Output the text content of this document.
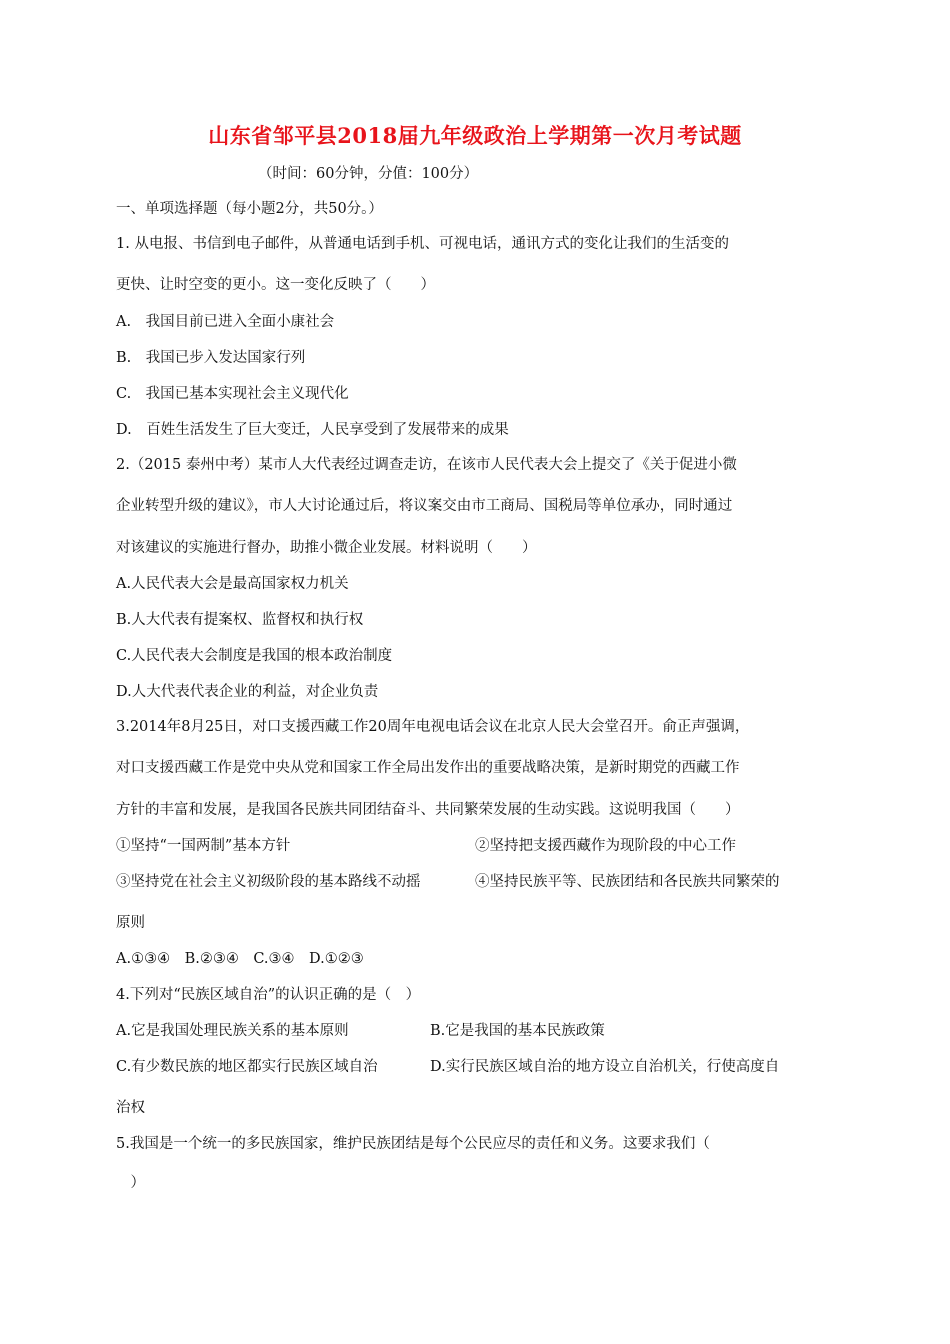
山东省邹平县2018届九年级政治上学期第一次月考试题
（时间：60分钟，分值：100分）
一、单项选择题（每小题2分，共50分。）
1. 从电报、书信到电子邮件，从普通电话到手机、可视电话，通讯方式的变化让我们的生活变的
更快、让时空变的更小。这一变化反映了（　　）
A.　我国目前已进入全面小康社会
B.　我国已步入发达国家行列
C.　我国已基本实现社会主义现代化
D.　百姓生活发生了巨大变迁，人民享受到了发展带来的成果
2.（2015 泰州中考）某市人大代表经过调查走访，在该市人民代表大会上提交了《关于促进小微
企业转型升级的建议》，市人大讨论通过后，将议案交由市工商局、国税局等单位承办，同时通过
对该建议的实施进行督办，助推小微企业发展。材料说明（　　）
A.人民代表大会是最高国家权力机关
B.人大代表有提案权、监督权和执行权
C.人民代表大会制度是我国的根本政治制度
D.人大代表代表企业的利益，对企业负责
3.2014年8月25日，对口支援西藏工作20周年电视电话会议在北京人民大会堂召开。俞正声强调，
对口支援西藏工作是党中央从党和国家工作全局出发作出的重要战略决策，是新时期党的西藏工作
方针的丰富和发展，是我国各民族共同团结奋斗、共同繁荣发展的生动实践。这说明我国（　　）
①坚持“一国两制”基本方针	②坚持把支援西藏作为现阶段的中心工作
③坚持党在社会主义初级阶段的基本路线不动摇	④坚持民族平等、民族团结和各民族共同繁荣的
原则
A.①③④　B.②③④　C.③④　D.①②③
4.下列对“民族区域自治”的认识正确的是（　）
A.它是我国处理民族关系的基本原则	B.它是我国的基本民族政策
C.有少数民族的地区都实行民族区域自治	D.实行民族区域自治的地方设立自治机关，行使高度自
治权
5.我国是一个统一的多民族国家，维护民族团结是每个公民应尽的责任和义务。这要求我们（
　）
